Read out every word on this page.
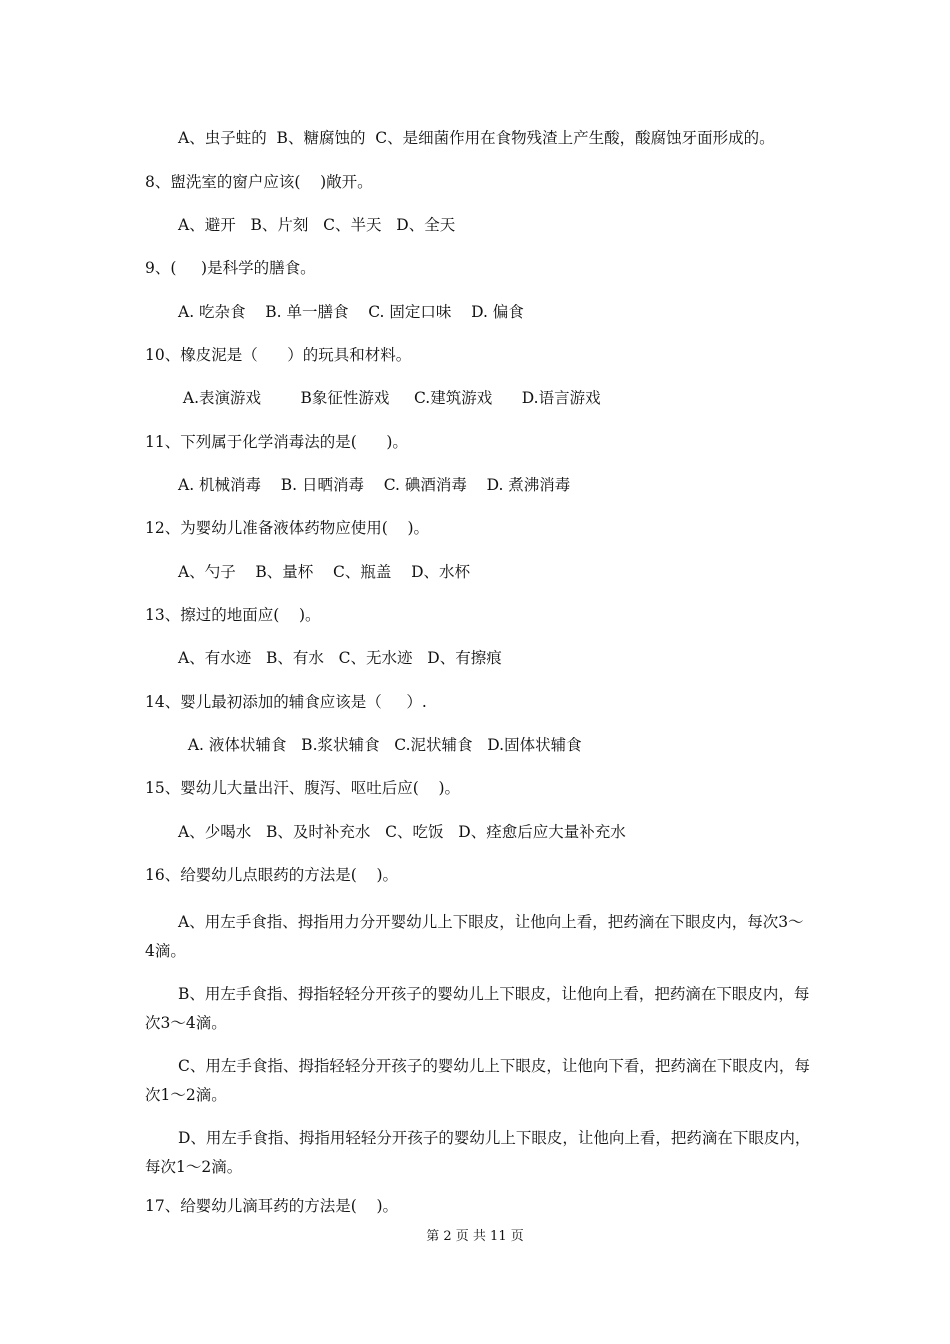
A、虫子蛀的  B、糖腐蚀的  C、是细菌作用在食物残渣上产生酸，酸腐蚀牙面形成的。
8、盥洗室的窗户应该(    )敞开。
A、避开   B、片刻   C、半天   D、全天
9、(     )是科学的膳食。
A. 吃杂食    B. 单一膳食    C. 固定口味    D. 偏食
10、橡皮泥是（      ）的玩具和材料。
A.表演游戏        B象征性游戏     C.建筑游戏      D.语言游戏
11、下列属于化学消毒法的是(      )。
A. 机械消毒    B. 日晒消毒    C. 碘酒消毒    D. 煮沸消毒
12、为婴幼儿准备液体药物应使用(    )。
A、勺子    B、量杯    C、瓶盖    D、水杯
13、擦过的地面应(    )。
A、有水迹   B、有水   C、无水迹   D、有擦痕
14、婴儿最初添加的辅食应该是（     ）.
A. 液体状辅食   B.浆状辅食   C.泥状辅食   D.固体状辅食
15、婴幼儿大量出汗、腹泻、呕吐后应(    )。
A、少喝水   B、及时补充水   C、吃饭   D、痊愈后应大量补充水
16、给婴幼儿点眼药的方法是(    )。
A、用左手食指、拇指用力分开婴幼儿上下眼皮，让他向上看，把药滴在下眼皮内，每次3～4滴。
B、用左手食指、拇指轻轻分开孩子的婴幼儿上下眼皮，让他向上看，把药滴在下眼皮内，每次3～4滴。
C、用左手食指、拇指轻轻分开孩子的婴幼儿上下眼皮，让他向下看，把药滴在下眼皮内，每次1～2滴。
D、用左手食指、拇指用轻轻分开孩子的婴幼儿上下眼皮，让他向上看，把药滴在下眼皮内，每次1～2滴。
17、给婴幼儿滴耳药的方法是(    )。
第 2 页 共 11 页
